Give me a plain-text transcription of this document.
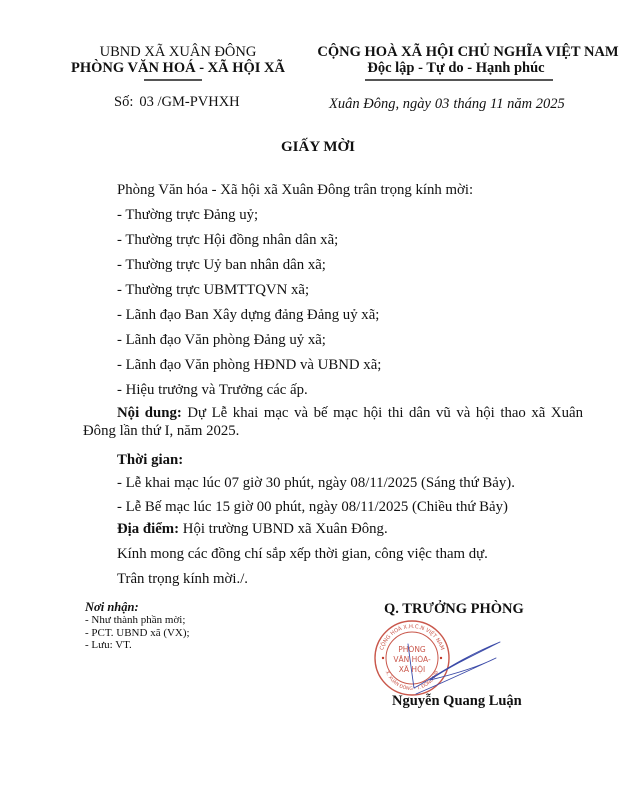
UBND XÃ XUÂN ĐÔNG
PHÒNG VĂN HOÁ - XÃ HỘI XÃ
CỘNG HOÀ XÃ HỘI CHỦ NGHĨA VIỆT NAM
Độc lập - Tự do - Hạnh phúc
Số: 03 /GM-PVHXH	Xuân Đông, ngày 03 tháng 11 năm 2025
GIẤY MỜI
Phòng Văn hóa - Xã hội xã Xuân Đông trân trọng kính mời:
- Thường trực Đảng uỷ;
- Thường trực Hội đồng nhân dân xã;
- Thường trực Uỷ ban nhân dân xã;
- Thường trực UBMTTQVN xã;
- Lãnh đạo Ban Xây dựng đảng Đảng uỷ xã;
- Lãnh đạo Văn phòng Đảng uỷ xã;
- Lãnh đạo Văn phòng HĐND và UBND xã;
- Hiệu trưởng và Trưởng các ấp.
Nội dung: Dự Lễ khai mạc và bế mạc hội thi dân vũ và hội thao xã Xuân Đông lần thứ I, năm 2025.
Thời gian:
- Lễ khai mạc lúc 07 giờ 30 phút, ngày 08/11/2025 (Sáng thứ Bảy).
- Lễ Bế mạc lúc 15 giờ 00 phút, ngày 08/11/2025 (Chiều thứ Bảy)
Địa điểm: Hội trường UBND xã Xuân Đông.
Kính mong các đồng chí sắp xếp thời gian, công việc tham dự.
Trân trọng kính mời./.
Nơi nhận:
- Như thành phần mời;
- PCT. UBND xã (VX);
- Lưu: VT.
Q. TRƯỞNG PHÒNG
CỘNG HOÀ X.H.C.N VIỆT NAM
X. XUÂN ĐÔNG - T. ĐỒNG NAI
PHÒNG
VĂN HÓA-
XÃ HỘI
Nguyễn Quang Luận
